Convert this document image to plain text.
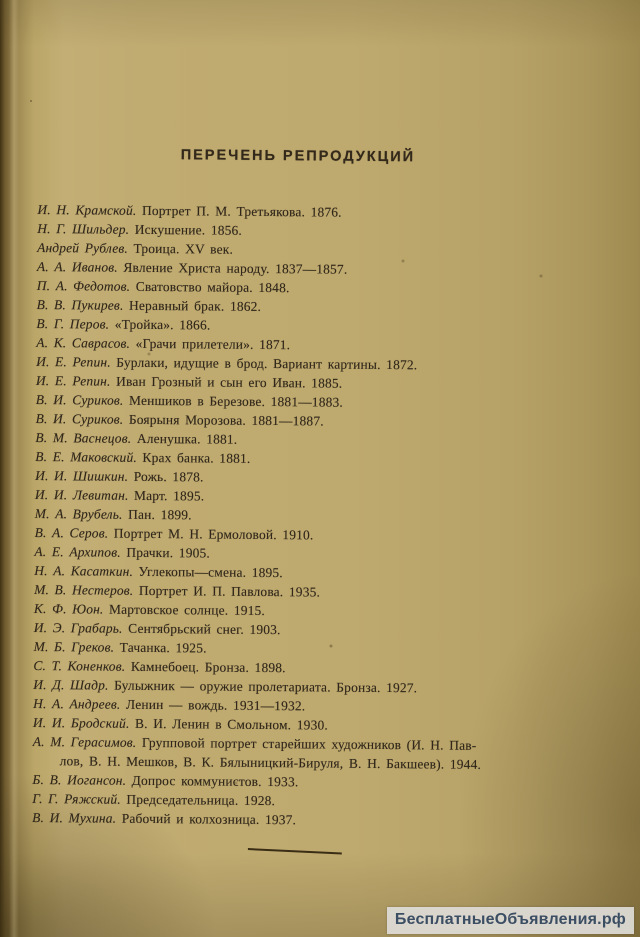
ПЕРЕЧЕНЬ РЕПРОДУКЦИЙ
И. Н. Крамской. Портрет П. М. Третьякова. 1876.
Н. Г. Шильдер. Искушение. 1856.
Андрей Рублев. Троица. XV век.
А. А. Иванов. Явление Христа народу. 1837—1857.
П. А. Федотов. Сватовство майора. 1848.
В. В. Пукирев. Неравный брак. 1862.
В. Г. Перов. «Тройка». 1866.
А. К. Саврасов. «Грачи прилетели». 1871.
И. Е. Репин. Бурлаки, идущие в брод. Вариант картины. 1872.
И. Е. Репин. Иван Грозный и сын его Иван. 1885.
В. И. Суриков. Меншиков в Березове. 1881—1883.
В. И. Суриков. Боярыня Морозова. 1881—1887.
В. М. Васнецов. Аленушка. 1881.
В. Е. Маковский. Крах банка. 1881.
И. И. Шишкин. Рожь. 1878.
И. И. Левитан. Март. 1895.
М. А. Врубель. Пан. 1899.
В. А. Серов. Портрет М. Н. Ермоловой. 1910.
А. Е. Архипов. Прачки. 1905.
Н. А. Касаткин. Углекопы—смена. 1895.
М. В. Нестеров. Портрет И. П. Павлова. 1935.
К. Ф. Юон. Мартовское солнце. 1915.
И. Э. Грабарь. Сентябрьский снег. 1903.
М. Б. Греков. Тачанка. 1925.
С. Т. Коненков. Камнебоец. Бронза. 1898.
И. Д. Шадр. Булыжник — оружие пролетариата. Бронза. 1927.
Н. А. Андреев. Ленин — вождь. 1931—1932.
И. И. Бродский. В. И. Ленин в Смольном. 1930.
А. М. Герасимов. Групповой портрет старейших художников (И. Н. Пав-
лов, В. Н. Мешков, В. К. Бялыницкий-Бируля, В. Н. Бакшеев). 1944.
Б. В. Иогансон. Допрос коммунистов. 1933.
Г. Г. Ряжский. Председательница. 1928.
В. И. Мухина. Рабочий и колхозница. 1937.
БесплатныеОбъявления.рф
